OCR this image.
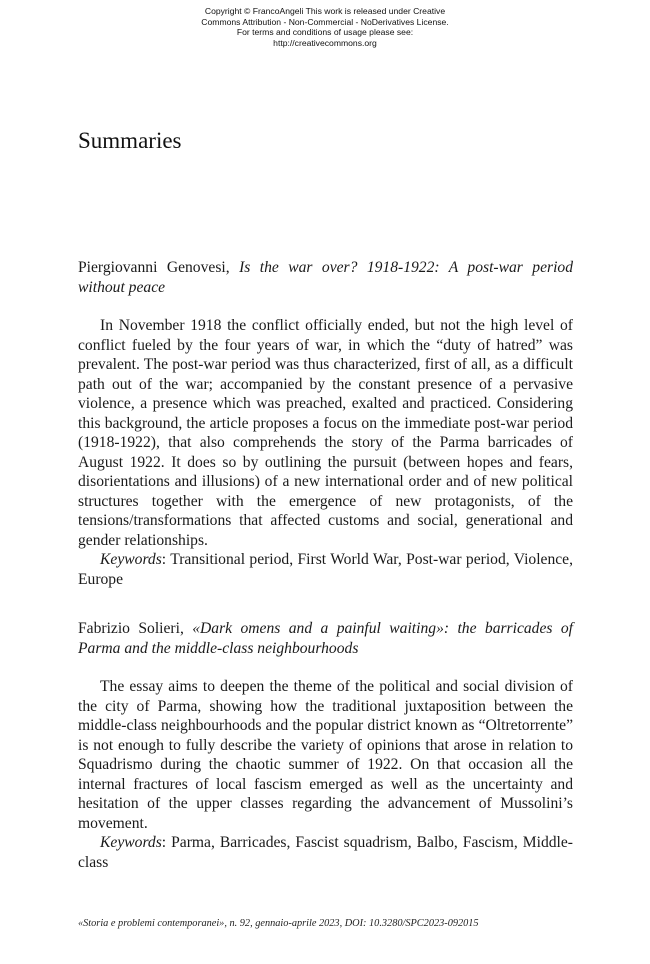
Copyright © FrancoAngeli This work is released under Creative
Commons Attribution - Non-Commercial - NoDerivatives License.
For terms and conditions of usage please see:
http://creativecommons.org
Summaries

Piergiovanni Genovesi, Is the war over? 1918-1922: A post-war period without peace

In November 1918 the conflict officially ended, but not the high level of conflict fueled by the four years of war, in which the “duty of hatred” was prevalent. The post-war period was thus characterized, first of all, as a difficult path out of the war; accompanied by the constant presence of a pervasive violence, a presence which was preached, exalted and practiced. Considering this background, the article proposes a focus on the immediate post-war period (1918-1922), that also comprehends the story of the Parma barricades of August 1922. It does so by outlining the pursuit (between hopes and fears, disorientations and illusions) of a new international order and of new political structures together with the emergence of new protagonists, of the tensions/transformations that affected customs and social, generational and gender relationships.

Keywords: Transitional period, First World War, Post-war period, Violence, Europe

Fabrizio Solieri, «Dark omens and a painful waiting»: the barricades of Parma and the middle-class neighbourhoods

The essay aims to deepen the theme of the political and social division of the city of Parma, showing how the traditional juxtaposition between the middle-class neighbourhoods and the popular district known as “Oltretorrente” is not enough to fully describe the variety of opinions that arose in relation to Squadrismo during the chaotic summer of 1922. On that occasion all the internal fractures of local fascism emerged as well as the uncertainty and hesitation of the upper classes regarding the advancement of Mussolini’s movement.

Keywords: Parma, Barricades, Fascist squadrism, Balbo, Fascism, Middle-class

«Storia e problemi contemporanei», n. 92, gennaio-aprile 2023, DOI: 10.3280/SPC2023-092015
